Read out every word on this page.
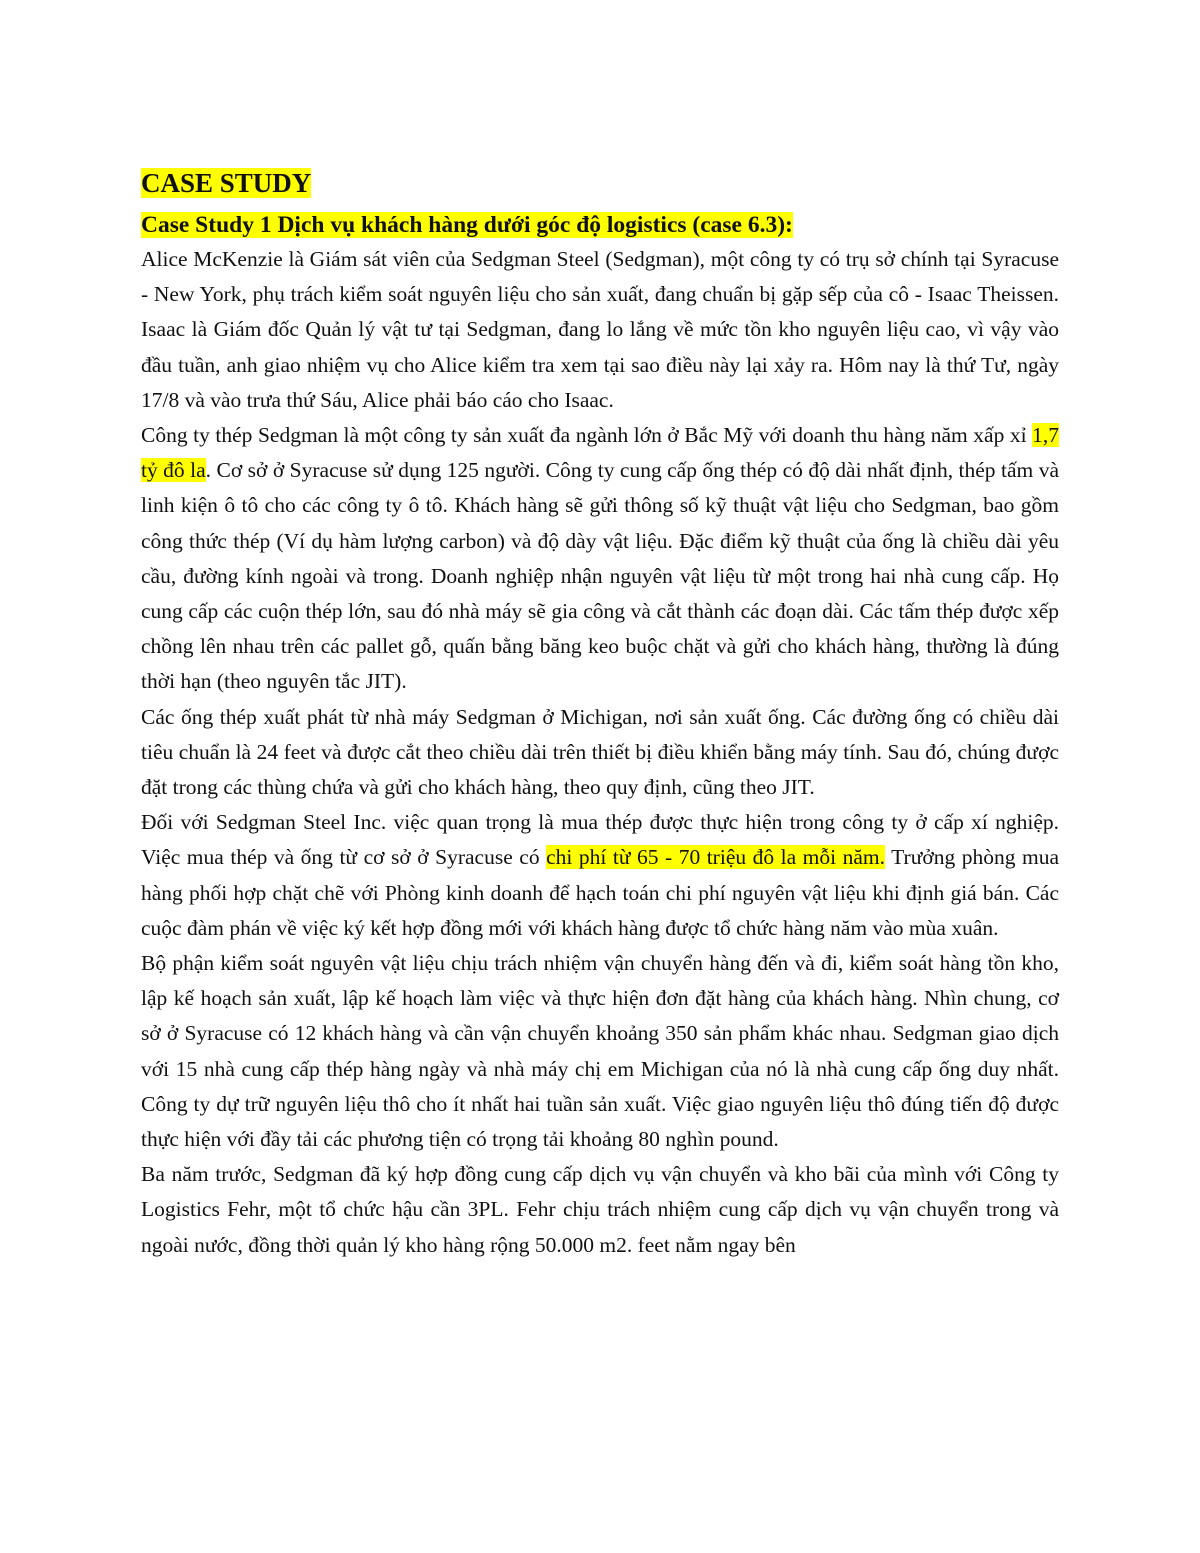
CASE STUDY
Case Study 1 Dịch vụ khách hàng dưới góc độ logistics (case 6.3):

Alice McKenzie là Giám sát viên của Sedgman Steel (Sedgman), một công ty có trụ sở chính tại Syracuse - New York, phụ trách kiểm soát nguyên liệu cho sản xuất, đang chuẩn bị gặp sếp của cô - Isaac Theissen. Isaac là Giám đốc Quản lý vật tư tại Sedgman, đang lo lắng về mức tồn kho nguyên liệu cao, vì vậy vào đầu tuần, anh giao nhiệm vụ cho Alice kiểm tra xem tại sao điều này lại xảy ra. Hôm nay là thứ Tư, ngày 17/8 và vào trưa thứ Sáu, Alice phải báo cáo cho Isaac.

Công ty thép Sedgman là một công ty sản xuất đa ngành lớn ở Bắc Mỹ với doanh thu hàng năm xấp xỉ 1,7 tỷ đô la. Cơ sở ở Syracuse sử dụng 125 người. Công ty cung cấp ống thép có độ dài nhất định, thép tấm và linh kiện ô tô cho các công ty ô tô. Khách hàng sẽ gửi thông số kỹ thuật vật liệu cho Sedgman, bao gồm công thức thép (Ví dụ hàm lượng carbon) và độ dày vật liệu. Đặc điểm kỹ thuật của ống là chiều dài yêu cầu, đường kính ngoài và trong. Doanh nghiệp nhận nguyên vật liệu từ một trong hai nhà cung cấp. Họ cung cấp các cuộn thép lớn, sau đó nhà máy sẽ gia công và cắt thành các đoạn dài. Các tấm thép được xếp chồng lên nhau trên các pallet gỗ, quấn bằng băng keo buộc chặt và gửi cho khách hàng, thường là đúng thời hạn (theo nguyên tắc JIT).

Các ống thép xuất phát từ nhà máy Sedgman ở Michigan, nơi sản xuất ống. Các đường ống có chiều dài tiêu chuẩn là 24 feet và được cắt theo chiều dài trên thiết bị điều khiển bằng máy tính. Sau đó, chúng được đặt trong các thùng chứa và gửi cho khách hàng, theo quy định, cũng theo JIT.

Đối với Sedgman Steel Inc. việc quan trọng là mua thép được thực hiện trong công ty ở cấp xí nghiệp. Việc mua thép và ống từ cơ sở ở Syracuse có chi phí từ 65 - 70 triệu đô la mỗi năm. Trưởng phòng mua hàng phối hợp chặt chẽ với Phòng kinh doanh để hạch toán chi phí nguyên vật liệu khi định giá bán. Các cuộc đàm phán về việc ký kết hợp đồng mới với khách hàng được tổ chức hàng năm vào mùa xuân.

Bộ phận kiểm soát nguyên vật liệu chịu trách nhiệm vận chuyển hàng đến và đi, kiểm soát hàng tồn kho, lập kế hoạch sản xuất, lập kế hoạch làm việc và thực hiện đơn đặt hàng của khách hàng. Nhìn chung, cơ sở ở Syracuse có 12 khách hàng và cần vận chuyển khoảng 350 sản phẩm khác nhau. Sedgman giao dịch với 15 nhà cung cấp thép hàng ngày và nhà máy chị em Michigan của nó là nhà cung cấp ống duy nhất. Công ty dự trữ nguyên liệu thô cho ít nhất hai tuần sản xuất. Việc giao nguyên liệu thô đúng tiến độ được thực hiện với đầy tải các phương tiện có trọng tải khoảng 80 nghìn pound.

Ba năm trước, Sedgman đã ký hợp đồng cung cấp dịch vụ vận chuyển và kho bãi của mình với Công ty Logistics Fehr, một tổ chức hậu cần 3PL. Fehr chịu trách nhiệm cung cấp dịch vụ vận chuyển trong và ngoài nước, đồng thời quản lý kho hàng rộng 50.000 m2. feet nằm ngay bên
